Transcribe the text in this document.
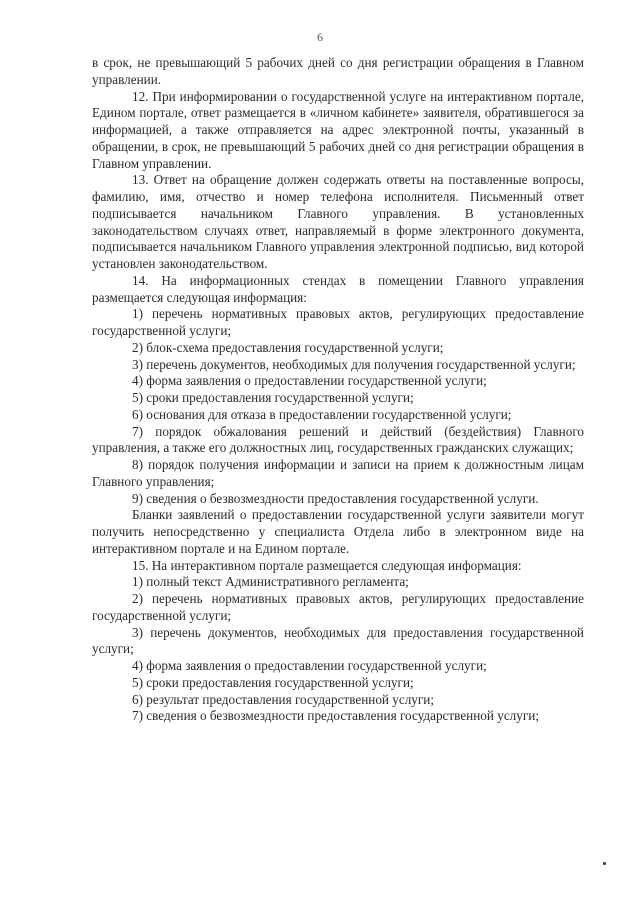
6

в срок, не превышающий 5 рабочих дней со дня регистрации обращения в Главном управлении.

12. При информировании о государственной услуге на интерактивном портале, Едином портале, ответ размещается в «личном кабинете» заявителя, обратившегося за информацией, а также отправляется на адрес электронной почты, указанный в обращении, в срок, не превышающий 5 рабочих дней со дня регистрации обращения в Главном управлении.

13. Ответ на обращение должен содержать ответы на поставленные вопросы, фамилию, имя, отчество и номер телефона исполнителя. Письменный ответ подписывается начальником Главного управления. В установленных законодательством случаях ответ, направляемый в форме электронного документа, подписывается начальником Главного управления электронной подписью, вид которой установлен законодательством.

14. На информационных стендах в помещении Главного управления размещается следующая информация:

1) перечень нормативных правовых актов, регулирующих предоставление государственной услуги;

2) блок-схема предоставления государственной услуги;

3) перечень документов, необходимых для получения государственной услуги;

4) форма заявления о предоставлении государственной услуги;

5) сроки предоставления государственной услуги;

6) основания для отказа в предоставлении государственной услуги;

7) порядок обжалования решений и действий (бездействия) Главного управления, а также его должностных лиц, государственных гражданских служащих;

8) порядок получения информации и записи на прием к должностным лицам Главного управления;

9) сведения о безвозмездности предоставления государственной услуги.

Бланки заявлений о предоставлении государственной услуги заявители могут получить непосредственно у специалиста Отдела либо в электронном виде на интерактивном портале и на Едином портале.

15. На интерактивном портале размещается следующая информация:

1) полный текст Административного регламента;

2) перечень нормативных правовых актов, регулирующих предоставление государственной услуги;

3) перечень документов, необходимых для предоставления государственной услуги;

4) форма заявления о предоставлении государственной услуги;

5) сроки предоставления государственной услуги;

6) результат предоставления государственной услуги;

7) сведения о безвозмездности предоставления государственной услуги;
